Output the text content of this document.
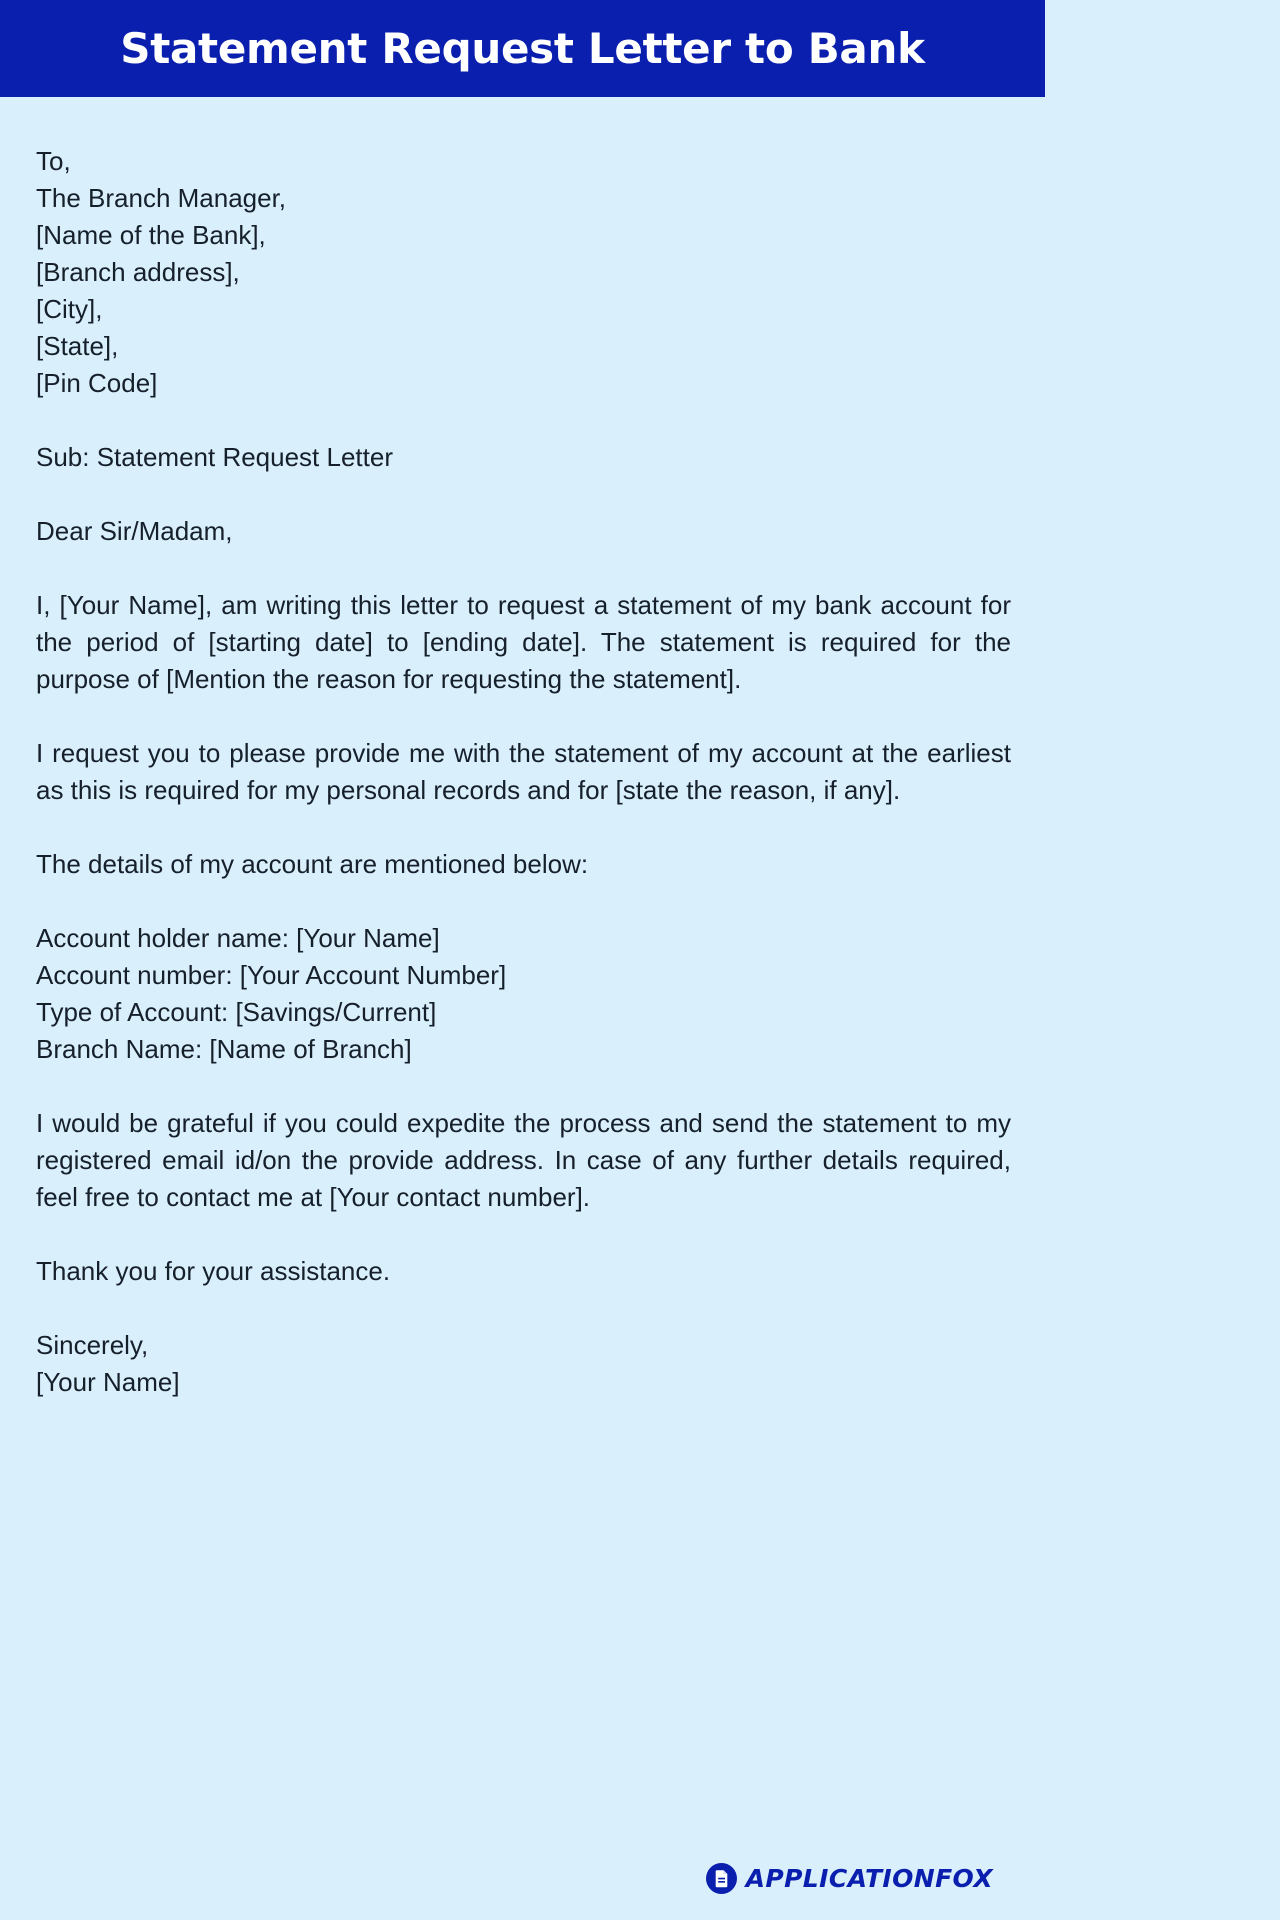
Statement Request Letter to Bank
To,
The Branch Manager,
[Name of the Bank],
[Branch address],
[City],
[State],
[Pin Code]
Sub: Statement Request Letter
Dear Sir/Madam,

I, [Your Name], am writing this letter to request a statement of my bank account for the period of [starting date] to [ending date]. The statement is required for the purpose of [Mention the reason for requesting the statement].

I request you to please provide me with the statement of my account at the earliest as this is required for my personal records and for [state the reason, if any].

The details of my account are mentioned below:
Account holder name: [Your Name]
Account number: [Your Account Number]
Type of Account: [Savings/Current]
Branch Name: [Name of Branch]

I would be grateful if you could expedite the process and send the statement to my registered email id/on the provide address. In case of any further details required, feel free to contact me at [Your contact number].

Thank you for your assistance.
Sincerely,
[Your Name]
APPLICATIONFOX
